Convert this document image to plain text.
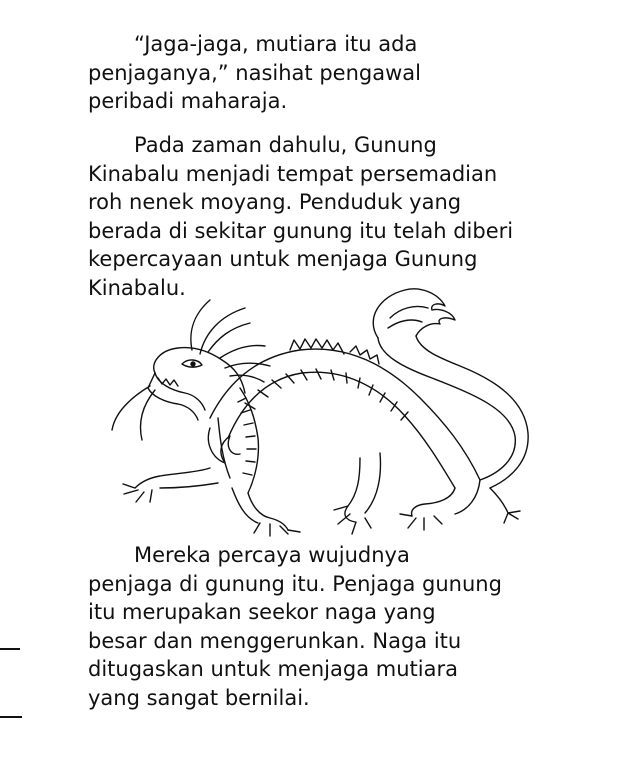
“Jaga-jaga, mutiara itu ada
penjaganya,” nasihat pengawal
peribadi maharaja.

Pada zaman dahulu, Gunung
Kinabalu menjadi tempat persemadian
roh nenek moyang. Penduduk yang
berada di sekitar gunung itu telah diberi
kepercayaan untuk menjaga Gunung
Kinabalu.

Mereka percaya wujudnya
penjaga di gunung itu. Penjaga gunung
itu merupakan seekor naga yang
besar dan menggerunkan. Naga itu
ditugaskan untuk menjaga mutiara
yang sangat bernilai.
